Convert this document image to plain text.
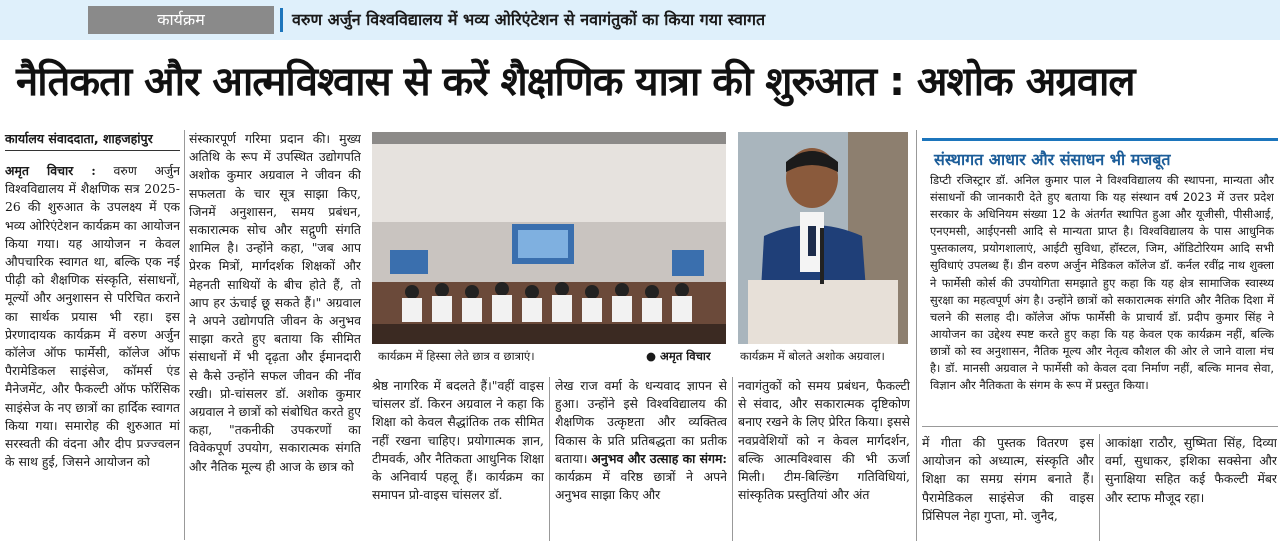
कार्यक्रम	वरुण अर्जुन विश्वविद्यालय में भव्य ओरिएंटेशन से नवागंतुकों का किया गया स्वागत
नैतिकता और आत्मविश्वास से करें शैक्षणिक यात्रा की शुरुआत : अशोक अग्रवाल
कार्यालय संवाददाता, शाहजहांपुर
अमृत विचार : वरुण अर्जुन विश्वविद्यालय में शैक्षणिक सत्र 2025-26 की शुरुआत के उपलक्ष्य में एक भव्य ओरिएंटेशन कार्यक्रम का आयोजन किया गया। यह आयोजन न केवल औपचारिक स्वागत था, बल्कि एक नई पीढ़ी को शैक्षणिक संस्कृति, संसाधनों, मूल्यों और अनुशासन से परिचित कराने का सार्थक प्रयास भी रहा। इस प्रेरणादायक कार्यक्रम में वरुण अर्जुन कॉलेज ऑफ फार्मेसी, कॉलेज ऑफ पैरामेडिकल साइंसेज, कॉमर्स एंड मैनेजमेंट, और फैकल्टी ऑफ फॉरेंसिक साइंसेज के नए छात्रों का हार्दिक स्वागत किया गया। समारोह की शुरुआत मां सरस्वती की वंदना और दीप प्रज्ज्वलन के साथ हुई, जिसने आयोजन को
संस्कारपूर्ण गरिमा प्रदान की। मुख्य अतिथि के रूप में उपस्थित उद्योगपति अशोक कुमार अग्रवाल ने जीवन की सफलता के चार सूत्र साझा किए, जिनमें अनुशासन, समय प्रबंधन, सकारात्मक सोच और सद्गुणी संगति शामिल है। उन्होंने कहा, "जब आप प्रेरक मित्रों, मार्गदर्शक शिक्षकों और मेहनती साथियों के बीच होते हैं, तो आप हर ऊंचाई छू सकते हैं।" अग्रवाल ने अपने उद्योगपति जीवन के अनुभव साझा करते हुए बताया कि सीमित संसाधनों में भी दृढ़ता और ईमानदारी से कैसे उन्होंने सफल जीवन की नींव रखी। प्रो-चांसलर डॉ. अशोक कुमार अग्रवाल ने छात्रों को संबोधित करते हुए कहा, "तकनीकी उपकरणों का विवेकपूर्ण उपयोग, सकारात्मक संगति और नैतिक मूल्य ही आज के छात्र को
कार्यक्रम में हिस्सा लेते छात्र व छात्राएं।	● अमृत विचार	कार्यक्रम में बोलते अशोक अग्रवाल।
श्रेष्ठ नागरिक में बदलते हैं।"वहीं वाइस चांसलर डॉ. किरन अग्रवाल ने कहा कि शिक्षा को केवल सैद्धांतिक तक सीमित नहीं रखना चाहिए। प्रयोगात्मक ज्ञान, टीमवर्क, और नैतिकता आधुनिक शिक्षा के अनिवार्य पहलू हैं। कार्यक्रम का समापन प्रो-वाइस चांसलर डॉ.
लेख राज वर्मा के धन्यवाद ज्ञापन से हुआ। उन्होंने इसे विश्वविद्यालय की शैक्षणिक उत्कृष्टता और व्यक्तित्व विकास के प्रति प्रतिबद्धता का प्रतीक बताया। अनुभव और उत्साह का संगम: कार्यक्रम में वरिष्ठ छात्रों ने अपने अनुभव साझा किए और
नवागंतुकों को समय प्रबंधन, फैकल्टी से संवाद, और सकारात्मक दृष्टिकोण बनाए रखने के लिए प्रेरित किया। इससे नवप्रवेशियों को न केवल मार्गदर्शन, बल्कि आत्मविश्वास की भी ऊर्जा मिली। टीम-बिल्डिंग गतिविधियां, सांस्कृतिक प्रस्तुतियां और अंत
संस्थागत आधार और संसाधन भी मजबूत
डिप्टी रजिस्ट्रार डॉ. अनिल कुमार पाल ने विश्वविद्यालय की स्थापना, मान्यता और संसाधनों की जानकारी देते हुए बताया कि यह संस्थान वर्ष 2023 में उत्तर प्रदेश सरकार के अधिनियम संख्या 12 के अंतर्गत स्थापित हुआ और यूजीसी, पीसीआई, एनएमसी, आईएनसी आदि से मान्यता प्राप्त है। विश्वविद्यालय के पास आधुनिक पुस्तकालय, प्रयोगशालाएं, आईटी सुविधा, हॉस्टल, जिम, ऑडिटोरियम आदि सभी सुविधाएं उपलब्ध हैं। डीन वरुण अर्जुन मेडिकल कॉलेज डॉ. कर्नल रवींद्र नाथ शुक्ला ने फार्मेसी कोर्स की उपयोगिता समझाते हुए कहा कि यह क्षेत्र सामाजिक स्वास्थ्य सुरक्षा का महत्वपूर्ण अंग है। उन्होंने छात्रों को सकारात्मक संगति और नैतिक दिशा में चलने की सलाह दी। कॉलेज ऑफ फार्मेसी के प्राचार्य डॉ. प्रदीप कुमार सिंह ने आयोजन का उद्देश्य स्पष्ट करते हुए कहा कि यह केवल एक कार्यक्रम नहीं, बल्कि छात्रों को स्व अनुशासन, नैतिक मूल्य और नेतृत्व कौशल की ओर ले जाने वाला मंच है। डॉ. मानसी अग्रवाल ने फार्मेसी को केवल दवा निर्माण नहीं, बल्कि मानव सेवा, विज्ञान और नैतिकता के संगम के रूप में प्रस्तुत किया।
में गीता की पुस्तक वितरण इस आयोजन को अध्यात्म, संस्कृति और शिक्षा का समग्र संगम बनाते हैं। पैरामेडिकल साइंसेज की वाइस प्रिंसिपल नेहा गुप्ता, मो. जुनैद,
आकांक्षा राठौर, सुष्मिता सिंह, दिव्या वर्मा, सुधाकर, इशिका सक्सेना और सुनाक्षिया सहित कई फैकल्टी मेंबर और स्टाफ मौजूद रहा।
